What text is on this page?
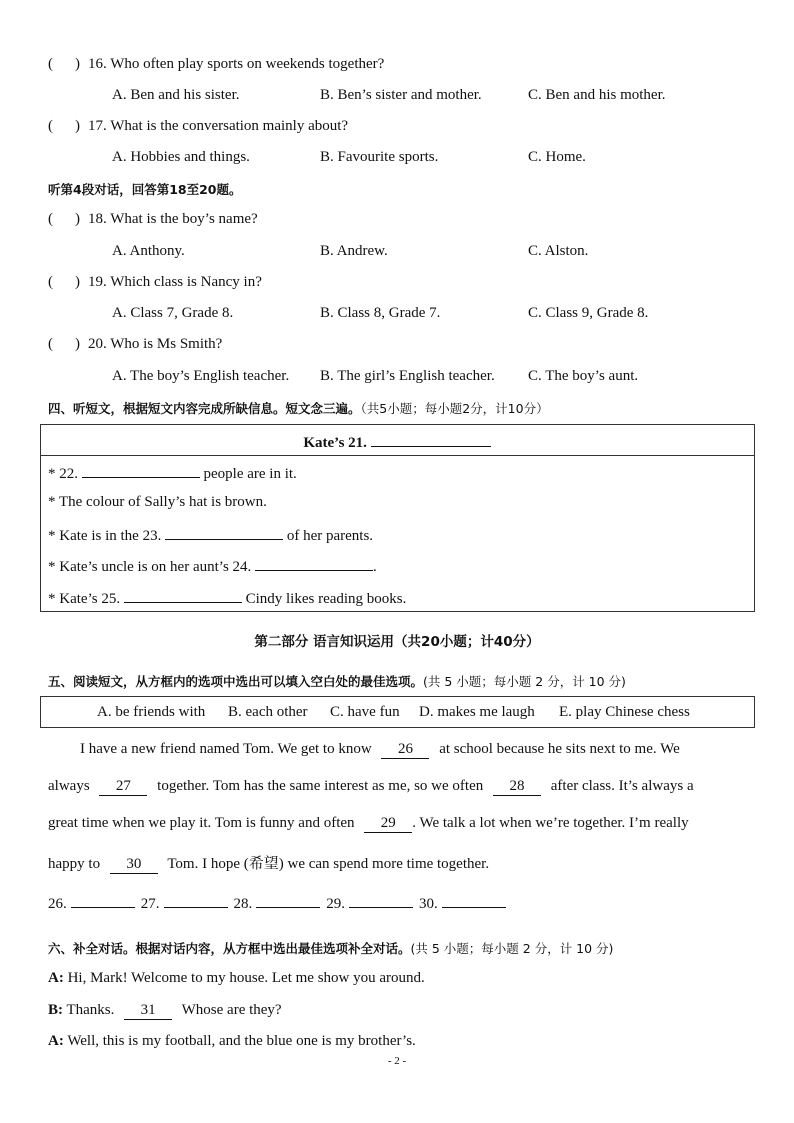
( ) 16. Who often play sports on weekends together?
A. Ben and his sister.	B. Ben’s sister and mother.	C. Ben and his mother.
( ) 17. What is the conversation mainly about?
A. Hobbies and things.	B. Favourite sports.	C. Home.
听第4段对话，回答第18至20题。
( ) 18. What is the boy’s name?
A. Anthony.	B. Andrew.	C. Alston.
( ) 19. Which class is Nancy in?
A. Class 7, Grade 8.	B. Class 8, Grade 7.	C. Class 9, Grade 8.
( ) 20. Who is Ms Smith?
A. The boy’s English teacher. B. The girl’s English teacher. C. The boy’s aunt.
四、听短文，根据短文内容完成所缺信息。短文念三遍。（共5小题；每小题2分，计10分）
Kate’s 21.
* 22.	people are in it.
* The colour of Sally’s hat is brown.
* Kate is in the 23.	of her parents.
* Kate’s uncle is on her aunt’s 24.	.
* Kate’s 25.	Cindy likes reading books.
第二部分 语言知识运用（共20小题；计40分）
五、阅读短文，从方框内的选项中选出可以填入空白处的最佳选项。(共 5 小题；每小题 2 分，计 10 分)
A. be friends with B. each other C. have fun D. makes me laugh E. play Chinese chess
I have a new friend named Tom. We get to know 26 at school because he sits next to me. We
always 27 together. Tom has the same interest as me, so we often 28 after class. It’s always a
great time when we play it. Tom is funny and often 29 . We talk a lot when we’re together. I’m really
happy to 30 Tom. I hope (希望) we can spend more time together.
26.	27.	28.	29.	30.
六、补全对话。根据对话内容，从方框中选出最佳选项补全对话。(共 5 小题；每小题 2 分，计 10 分)
A: Hi, Mark! Welcome to my house. Let me show you around.
B: Thanks. 31 Whose are they?
A: Well, this is my football, and the blue one is my brother’s.
- 2 -
